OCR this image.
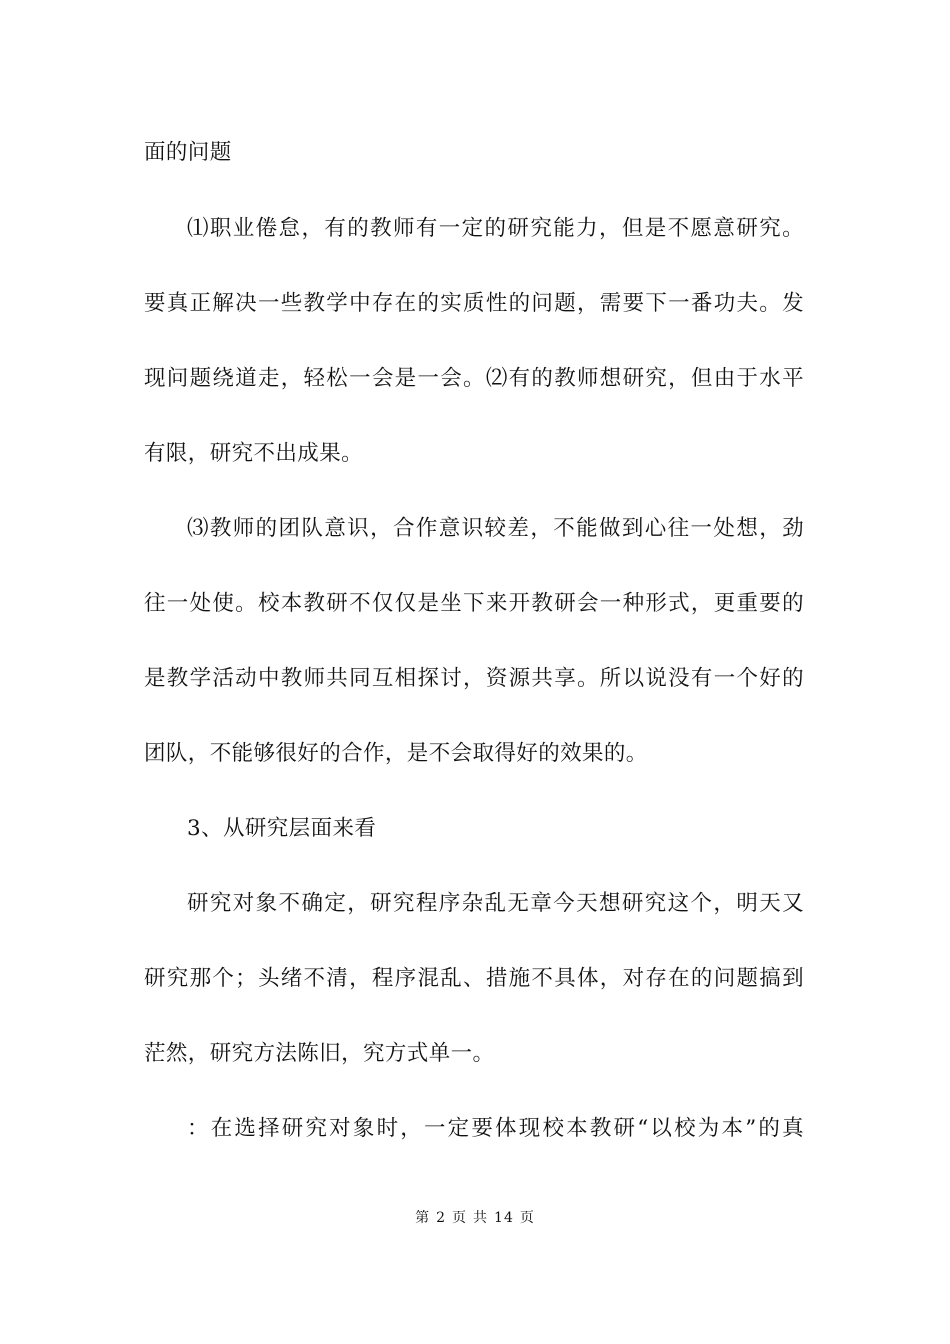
面的问题

⑴职业倦怠，有的教师有一定的研究能力，但是不愿意研究。

要真正解决一些教学中存在的实质性的问题，需要下一番功夫。发

现问题绕道走，轻松一会是一会。⑵有的教师想研究，但由于水平

有限，研究不出成果。

⑶教师的团队意识，合作意识较差，不能做到心往一处想，劲

往一处使。校本教研不仅仅是坐下来开教研会一种形式，更重要的

是教学活动中教师共同互相探讨，资源共享。所以说没有一个好的

团队，不能够很好的合作，是不会取得好的效果的。

3、从研究层面来看

研究对象不确定，研究程序杂乱无章今天想研究这个，明天又

研究那个；头绪不清，程序混乱、措施不具体，对存在的问题搞到

茫然，研究方法陈旧，究方式单一。

：在选择研究对象时，一定要体现校本教研“以校为本”的真

第 2 页 共 14 页
